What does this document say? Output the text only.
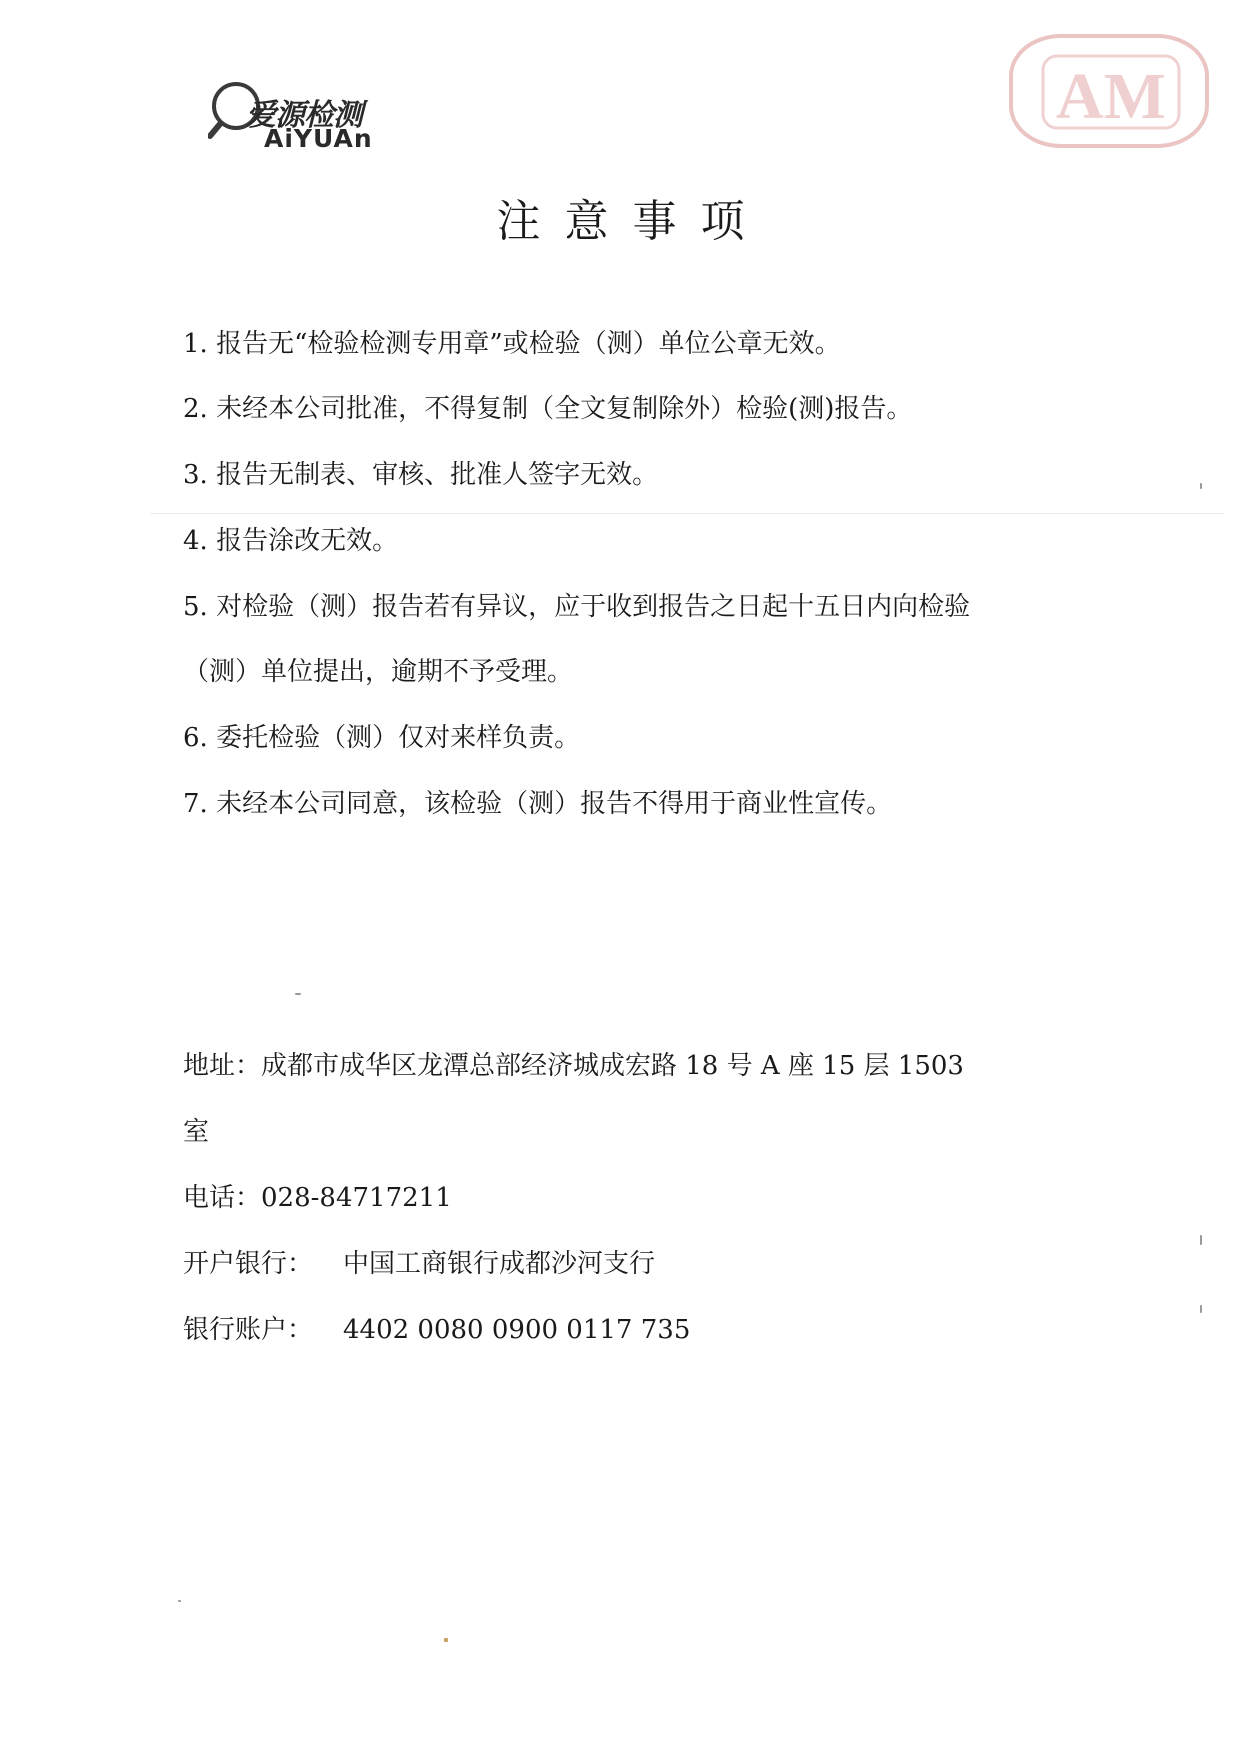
爱源检测
AiYUAn
AM
注意事项
1. 报告无“检验检测专用章”或检验（测）单位公章无效。
2. 未经本公司批准，不得复制（全文复制除外）检验(测)报告。
3. 报告无制表、审核、批准人签字无效。
4. 报告涂改无效。
5. 对检验（测）报告若有异议，应于收到报告之日起十五日内向检验
（测）单位提出，逾期不予受理。
6. 委托检验（测）仅对来样负责。
7. 未经本公司同意，该检验（测）报告不得用于商业性宣传。
地址：成都市成华区龙潭总部经济城成宏路 18 号 A 座 15 层 1503
室
电话：028-84717211
开户银行： 中国工商银行成都沙河支行
银行账户： 4402 0080 0900 0117 735
